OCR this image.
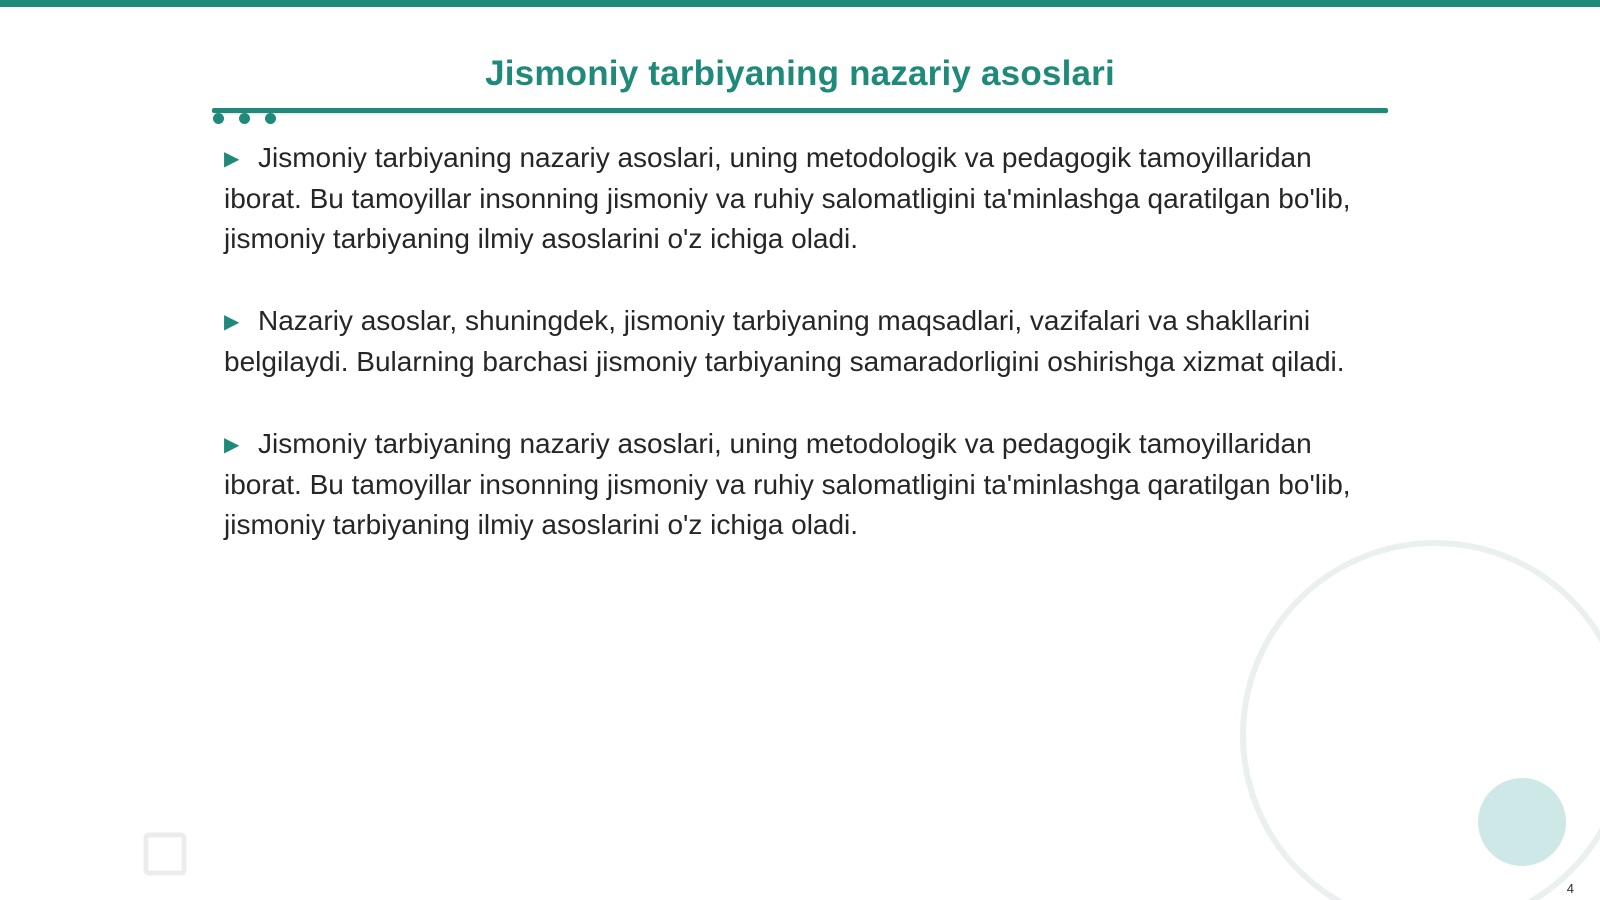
Jismoniy tarbiyaning nazariy asoslari

▶ Jismoniy tarbiyaning nazariy asoslari, uning metodologik va pedagogik tamoyillaridan iborat. Bu tamoyillar insonning jismoniy va ruhiy salomatligini ta'minlashga qaratilgan bo'lib, jismoniy tarbiyaning ilmiy asoslarini o'z ichiga oladi.

▶ Nazariy asoslar, shuningdek, jismoniy tarbiyaning maqsadlari, vazifalari va shakllarini belgilaydi. Bularning barchasi jismoniy tarbiyaning samaradorligini oshirishga xizmat qiladi.

▶ Jismoniy tarbiyaning nazariy asoslari, uning metodologik va pedagogik tamoyillaridan iborat. Bu tamoyillar insonning jismoniy va ruhiy salomatligini ta'minlashga qaratilgan bo'lib, jismoniy tarbiyaning ilmiy asoslarini o'z ichiga oladi.

4
